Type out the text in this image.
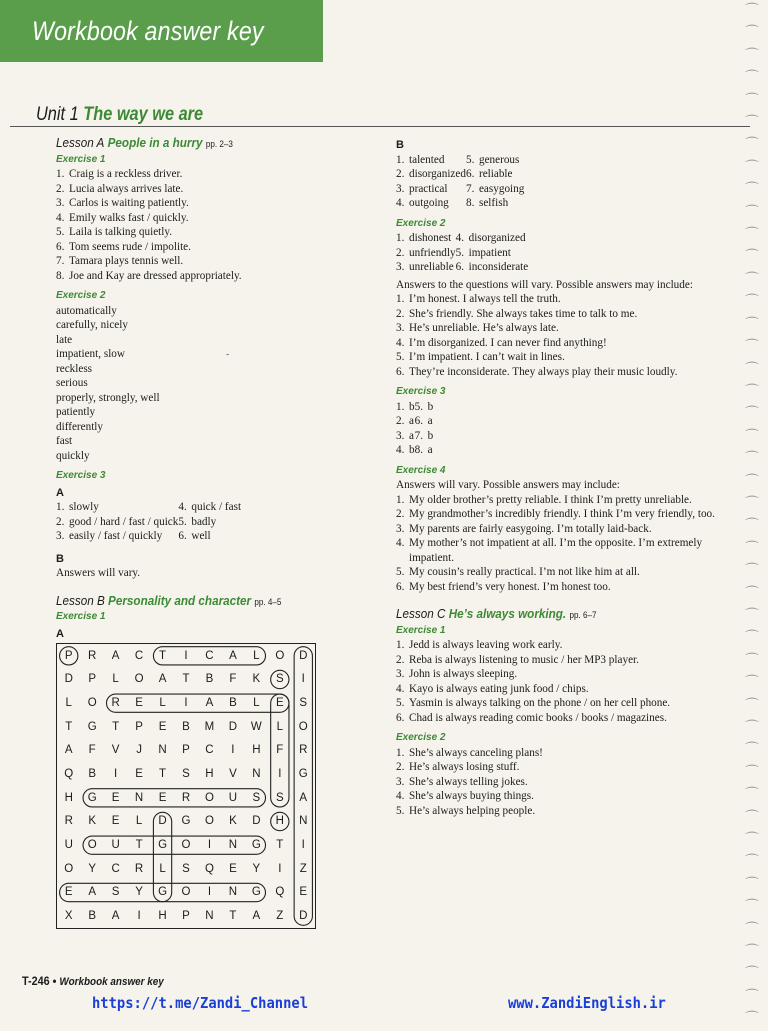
Workbook answer key
Unit 1 The way we are
⌒
⌒
⌒
⌒
⌒
⌒
⌒
⌒
⌒
⌒
⌒
⌒
⌒
⌒
⌒
⌒
⌒
⌒
⌒
⌒
⌒
⌒
⌒
⌒
⌒
⌒
⌒
⌒
⌒
⌒
⌒
⌒
⌒
⌒
⌒
⌒
⌒
⌒
⌒
⌒
⌒
⌒
⌒
⌒
⌒
⌒

Lesson A People in a hurry pp. 2–3
Exercise 1
1. Craig is a reckless driver.
2. Lucia always arrives late.
3. Carlos is waiting patiently.
4. Emily walks fast / quickly.
5. Laila is talking quietly.
6. Tom seems rude / impolite.
7. Tamara plays tennis well.
8. Joe and Kay are dressed appropriately.
Exercise 2
automatically
carefully, nicely
late
impatient, slow
reckless
serious
properly, strongly, well
patiently
differently
fast
quickly
Exercise 3
A
1. slowly
2. good / hard / fast / quick
3. easily / fast / quickly
4. quick / fast
5. badly
6. well
B
Answers will vary.
Lesson B Personality and character pp. 4–5
Exercise 1
A
-
P	R	A	C	T	I	C	A	L	O	D
D	P	L	O	A	T	B	F	K	S	I
L	O	R	E	L	I	A	B	L	E	S
T	G	T	P	E	B	M	D	W	L	O
A	F	V	J	N	P	C	I	H	F	R
Q	B	I	E	T	S	H	V	N	I	G
H	G	E	N	E	R	O	U	S	S	A
R	K	E	L	D	G	O	K	D	H	N
U	O	U	T	G	O	I	N	G	T	I
O	Y	C	R	L	S	Q	E	Y	I	Z
E	A	S	Y	G	O	I	N	G	Q	E
X	B	A	I	H	P	N	T	A	Z	D
B
1. talented
2. disorganized
3. practical
4. outgoing
5. generous
6. reliable
7. easygoing
8. selfish
Exercise 2
1. dishonest
2. unfriendly
3. unreliable
4. disorganized
5. impatient
6. inconsiderate
Answers to the questions will vary. Possible answers may include:
1. I’m honest. I always tell the truth.
2. She’s friendly. She always takes time to talk to me.
3. He’s unreliable. He’s always late.
4. I’m disorganized. I can never find anything!
5. I’m impatient. I can’t wait in lines.
6. They’re inconsiderate. They always play their music loudly.
Exercise 3
1. b
2. a
3. a
4. b
5. b
6. a
7. b
8. a
Exercise 4
Answers will vary. Possible answers may include:
1. My older brother’s pretty reliable. I think I’m pretty unreliable.
2. My grandmother’s incredibly friendly. I think I’m very friendly, too.
3. My parents are fairly easygoing. I’m totally laid-back.
4. My mother’s not impatient at all. I’m the opposite. I’m extremely impatient.
5. My cousin’s really practical. I’m not like him at all.
6. My best friend’s very honest. I’m honest too.
Lesson C He’s always working. pp. 6–7
Exercise 1
1. Jedd is always leaving work early.
2. Reba is always listening to music / her MP3 player.
3. John is always sleeping.
4. Kayo is always eating junk food / chips.
5. Yasmin is always talking on the phone / on her cell phone.
6. Chad is always reading comic books / books / magazines.
Exercise 2
1. She’s always canceling plans!
2. He’s always losing stuff.
3. She’s always telling jokes.
4. She’s always buying things.
5. He’s always helping people.
T-246 • Workbook answer key
https://t.me/Zandi_Channel	www.ZandiEnglish.ir
